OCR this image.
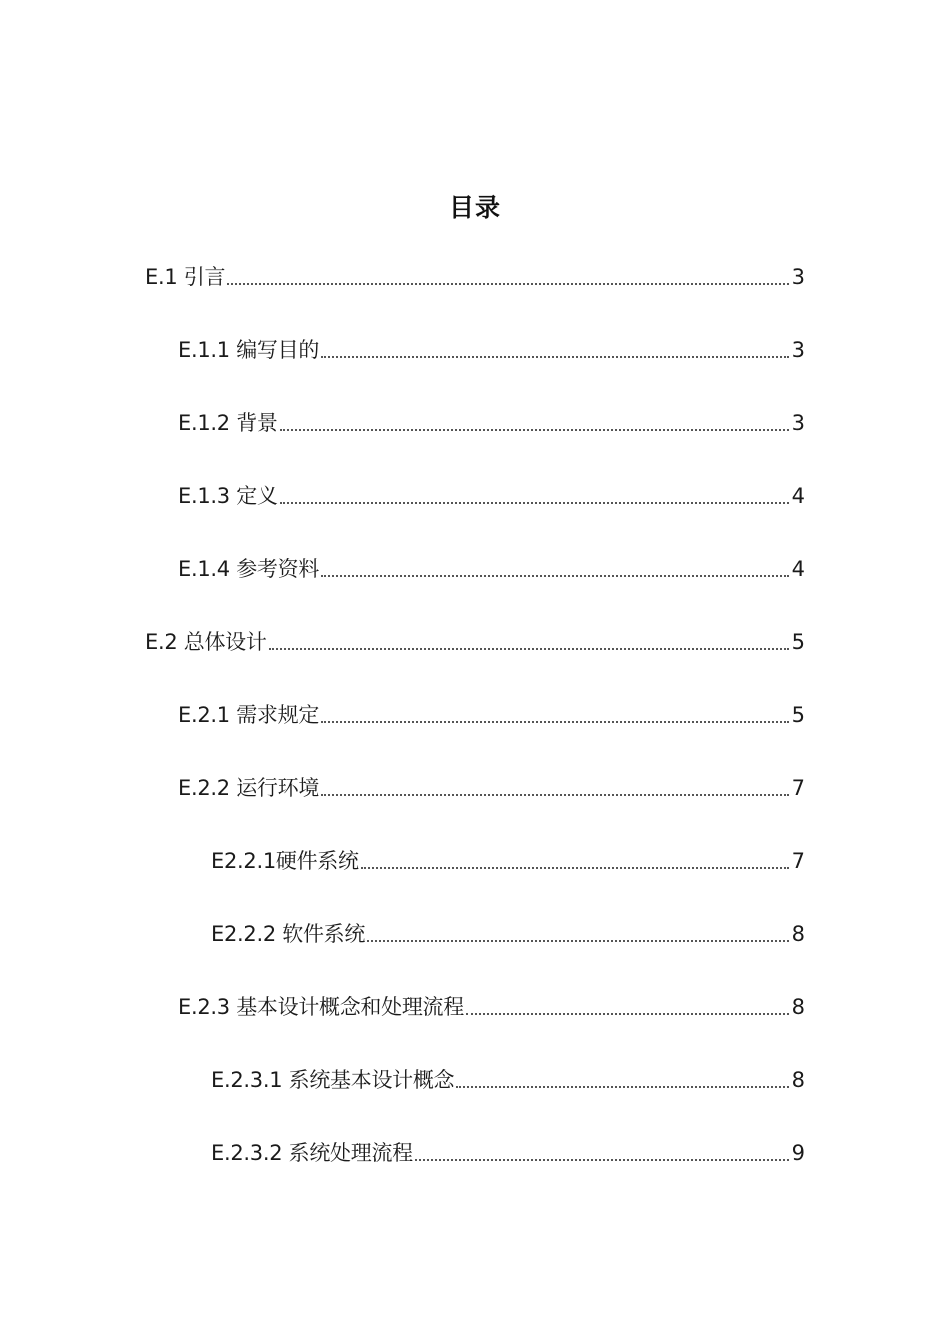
目录
E.1 引言	3
E.1.1 编写目的	3
E.1.2 背景	3
E.1.3 定义	4
E.1.4 参考资料	4
E.2 总体设计	5
E.2.1 需求规定	5
E.2.2 运行环境	7
E2.2.1硬件系统	7
E2.2.2 软件系统	8
E.2.3 基本设计概念和处理流程	8
E.2.3.1 系统基本设计概念	8
E.2.3.2 系统处理流程	9
